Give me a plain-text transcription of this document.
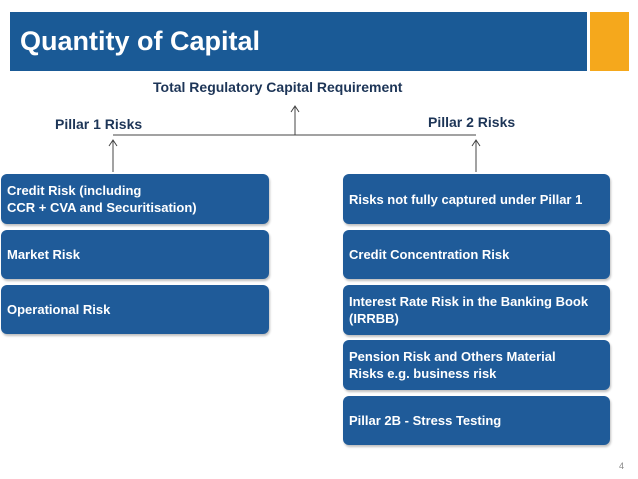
Quantity of Capital
Total Regulatory Capital Requirement
Pillar 1 Risks	Pillar 2 Risks
Credit Risk (including
CCR + CVA and Securitisation)
Market Risk
Operational Risk
Risks not fully captured under Pillar 1
Credit Concentration Risk
Interest Rate Risk in the Banking Book (IRRBB)
Pension Risk and Others Material Risks e.g. business risk
Pillar 2B - Stress Testing
4
